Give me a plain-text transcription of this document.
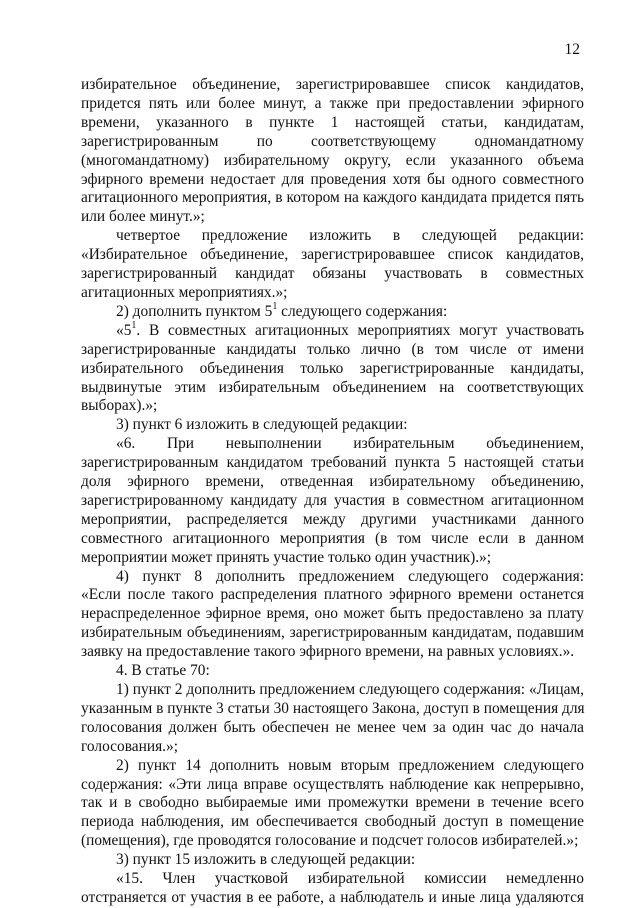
12
избирательное объединение, зарегистрировавшее список кандидатов,
придется пять или более минут, а также при предоставлении эфирного
времени, указанного в пункте 1 настоящей статьи, кандидатам,
зарегистрированным по соответствующему одномандатному
(многомандатному) избирательному округу, если указанного объема
эфирного времени недостает для проведения хотя бы одного совместного
агитационного мероприятия, в котором на каждого кандидата придется пять
или более минут.»;
четвертое предложение изложить в следующей редакции:
«Избирательное объединение, зарегистрировавшее список кандидатов,
зарегистрированный кандидат обязаны участвовать в совместных
агитационных мероприятиях.»;
2) дополнить пунктом $5^1$ следующего содержания:
«$5^1$. В совместных агитационных мероприятиях могут участвовать
зарегистрированные кандидаты только лично (в том числе от имени
избирательного объединения только зарегистрированные кандидаты,
выдвинутые этим избирательным объединением на соответствующих
выборах).»;
3) пункт 6 изложить в следующей редакции:
«6. При невыполнении избирательным объединением,
зарегистрированным кандидатом требований пункта 5 настоящей статьи
доля эфирного времени, отведенная избирательному объединению,
зарегистрированному кандидату для участия в совместном агитационном
мероприятии, распределяется между другими участниками данного
совместного агитационного мероприятия (в том числе если в данном
мероприятии может принять участие только один участник).»;
4) пункт 8 дополнить предложением следующего содержания:
«Если после такого распределения платного эфирного времени останется
нераспределенное эфирное время, оно может быть предоставлено за плату
избирательным объединениям, зарегистрированным кандидатам, подавшим
заявку на предоставление такого эфирного времени, на равных условиях.».
4. В статье 70:
1) пункт 2 дополнить предложением следующего содержания: «Лицам,
указанным в пункте 3 статьи 30 настоящего Закона, доступ в помещения для
голосования должен быть обеспечен не менее чем за один час до начала
голосования.»;
2) пункт 14 дополнить новым вторым предложением следующего
содержания: «Эти лица вправе осуществлять наблюдение как непрерывно,
так и в свободно выбираемые ими промежутки времени в течение всего
периода наблюдения, им обеспечивается свободный доступ в помещение
(помещения), где проводятся голосование и подсчет голосов избирателей.»;
3) пункт 15 изложить в следующей редакции:
«15. Член участковой избирательной комиссии немедленно
отстраняется от участия в ее работе, а наблюдатель и иные лица удаляются
